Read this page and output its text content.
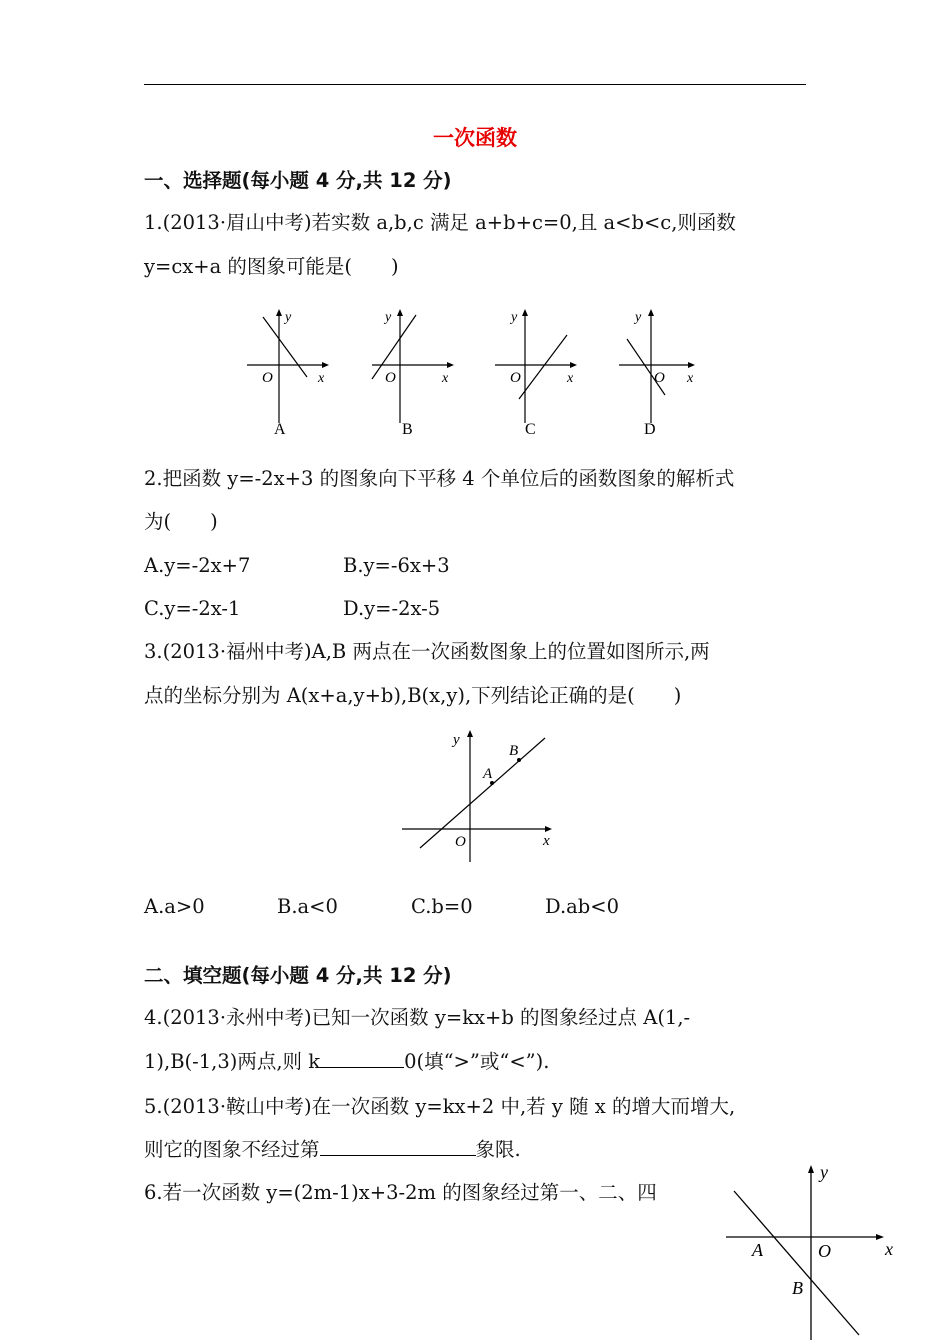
一次函数
一、选择题(每小题 4 分,共 12 分)
1.(2013·眉山中考)若实数 a,b,c 满足 a+b+c=0,且 a<b<c,则函数
y=cx+a 的图象可能是(　　)
y
x
O
A
y
x
O
B
y
x
O
C
y
x
O
D
2.把函数 y=-2x+3 的图象向下平移 4 个单位后的函数图象的解析式
为(　　)
A.y=-2x+7	B.y=-6x+3
C.y=-2x-1	D.y=-2x-5
3.(2013·福州中考)A,B 两点在一次函数图象上的位置如图所示,两
点的坐标分别为 A(x+a,y+b),B(x,y),下列结论正确的是(　　)
y
x
O
A
B
A.a>0	B.a<0	C.b=0	D.ab<0
二、填空题(每小题 4 分,共 12 分)
4.(2013·永州中考)已知一次函数 y=kx+b 的图象经过点 A(1,-
1),B(-1,3)两点,则 k	0(填“>”或“<”).
5.(2013·鞍山中考)在一次函数 y=kx+2 中,若 y 随 x 的增大而增大,
则它的图象不经过第	象限.
6.若一次函数 y=(2m-1)x+3-2m 的图象经过第一、二、四
y
x
O
A
B
